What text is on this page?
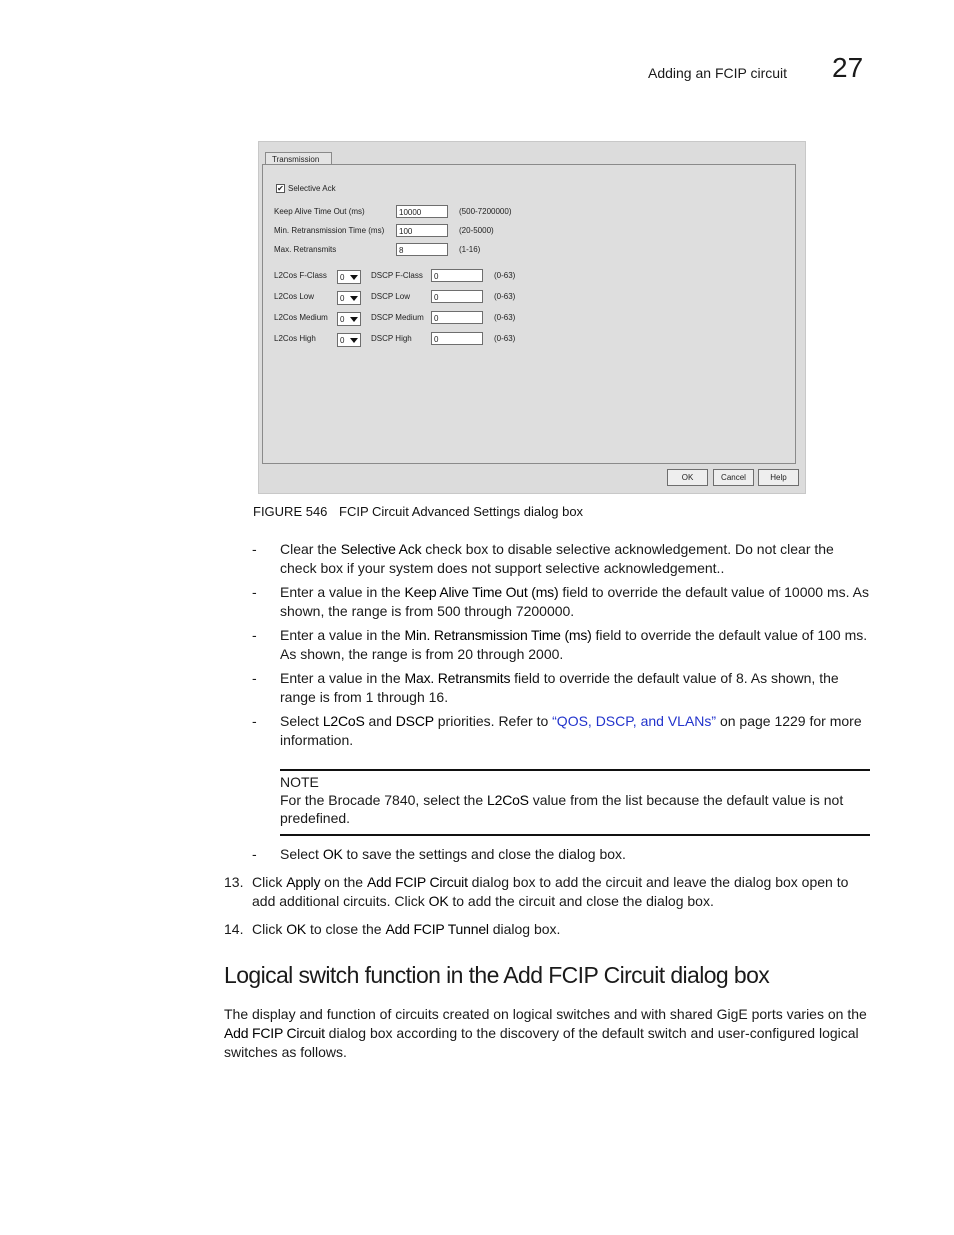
Adding an FCIP circuit 27
Transmission
✔ Selective Ack
Keep Alive Time Out (ms)	10000	(500-7200000)
Min. Retransmission Time (ms)	100	(20-5000)
Max. Retransmits	8	(1-16)
L2Cos F-Class	0	DSCP F-Class	0	(0-63)
L2Cos Low	0	DSCP Low	0	(0-63)
L2Cos Medium	0	DSCP Medium	0	(0-63)
L2Cos High	0	DSCP High	0	(0-63)
OK	Cancel	Help
FIGURE 546 FCIP Circuit Advanced Settings dialog box
- Clear the Selective Ack check box to disable selective acknowledgement. Do not clear the check box if your system does not support selective acknowledgement..
- Enter a value in the Keep Alive Time Out (ms) field to override the default value of 10000 ms. As shown, the range is from 500 through 7200000.
- Enter a value in the Min. Retransmission Time (ms) field to override the default value of 100 ms. As shown, the range is from 20 through 2000.
- Enter a value in the Max. Retransmits field to override the default value of 8. As shown, the range is from 1 through 16.
- Select L2CoS and DSCP priorities. Refer to “QOS, DSCP, and VLANs” on page 1229 for more information.
NOTE
For the Brocade 7840, select the L2CoS value from the list because the default value is not predefined.
- Select OK to save the settings and close the dialog box.
13. Click Apply on the Add FCIP Circuit dialog box to add the circuit and leave the dialog box open to add additional circuits. Click OK to add the circuit and close the dialog box.
14. Click OK to close the Add FCIP Tunnel dialog box.
Logical switch function in the Add FCIP Circuit dialog box
The display and function of circuits created on logical switches and with shared GigE ports varies on the Add FCIP Circuit dialog box according to the discovery of the default switch and user-configured logical switches as follows.
